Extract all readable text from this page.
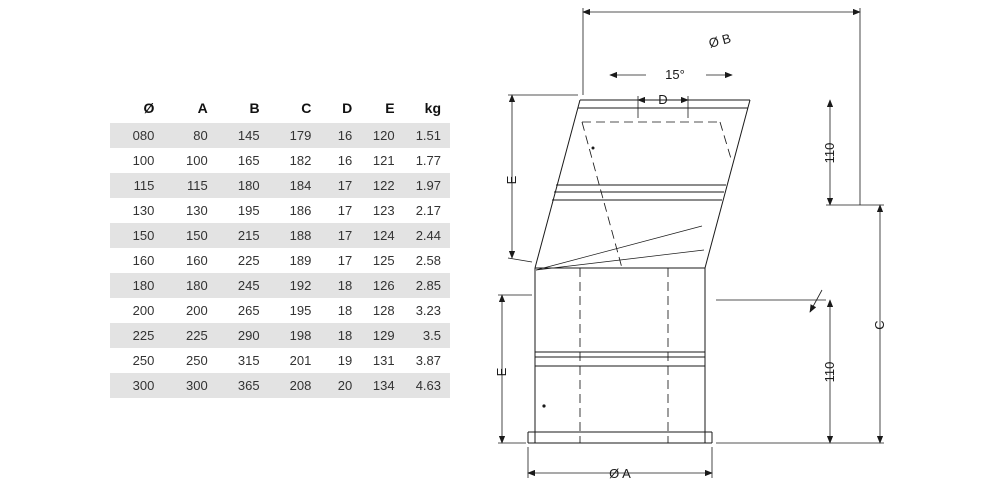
Ø	A	B	C	D	E	kg
080	80	145	179	16	120	1.51
100	100	165	182	16	121	1.77
115	115	180	184	17	122	1.97
130	130	195	186	17	123	2.17
150	150	215	188	17	124	2.44
160	160	225	189	17	125	2.58
180	180	245	192	18	126	2.85
200	200	265	195	18	128	3.23
225	225	290	198	18	129	3.5
250	250	315	201	19	131	3.87
300	300	365	208	20	134	4.63
Ø B
15°
D
E
E
110
110
C
Ø A
